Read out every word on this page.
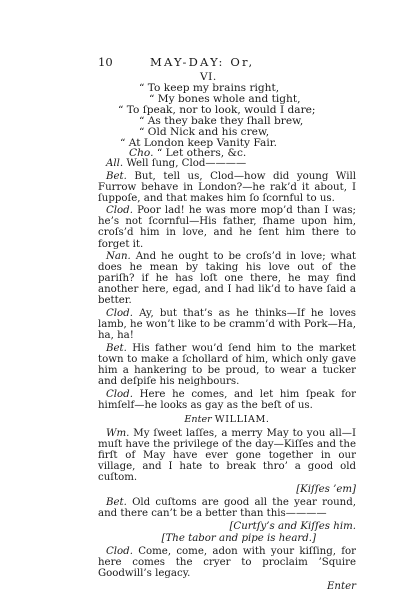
10	MAY-DAY: Or,
VI.
“ To keep my brains right,
“ My bones whole and tight,
“ To ſpeak, nor to look, would I dare;
“ As they bake they ſhall brew,
“ Old Nick and his crew,
“ At London keep Vanity Fair.
Cho. “ Let others, &c.

All. Well ſung, Clod————

Bet. But, tell us, Clod—how did young Will Furrow behave in London?—he rak’d it about, I ſuppoſe, and that makes him ſo ſcornful to us.

Clod. Poor lad! he was more mop’d than I was; he’s not ſcornful—His father, ſhame upon him, croſs’d him in love, and he ſent him there to forget it.

Nan. And he ought to be croſs’d in love; what does he mean by taking his love out of the pariſh? if he has loſt one there, he may find another here, egad, and I had lik’d to have ſaid a better.

Clod. Ay, but that’s as he thinks—If he loves lamb, he won’t like to be cramm’d with Pork—Ha, ha, ha!

Bet. His father wou’d ſend him to the market town to make a ſchollard of him, which only gave him a hankering to be proud, to wear a tucker and deſpiſe his neighbours.

Clod. Here he comes, and let him ſpeak for himſelf—he looks as gay as the beſt of us.

Enter WILLIAM.

Wm. My ſweet laſſes, a merry May to you all—I muſt have the privilege of the day—Kiſſes and the firſt of May have ever gone together in our village, and I hate to break thro’ a good old cuſtom.

[Kiſſes ’em]

Bet. Old cuſtoms are good all the year round, and there can’t be a better than this————

[Curtſy’s and Kiſſes him.

[The tabor and pipe is heard.]

Clod. Come, come, adon with your kiſſing, for here comes the cryer to proclaim ’Squire Goodwill’s legacy.

Enter
